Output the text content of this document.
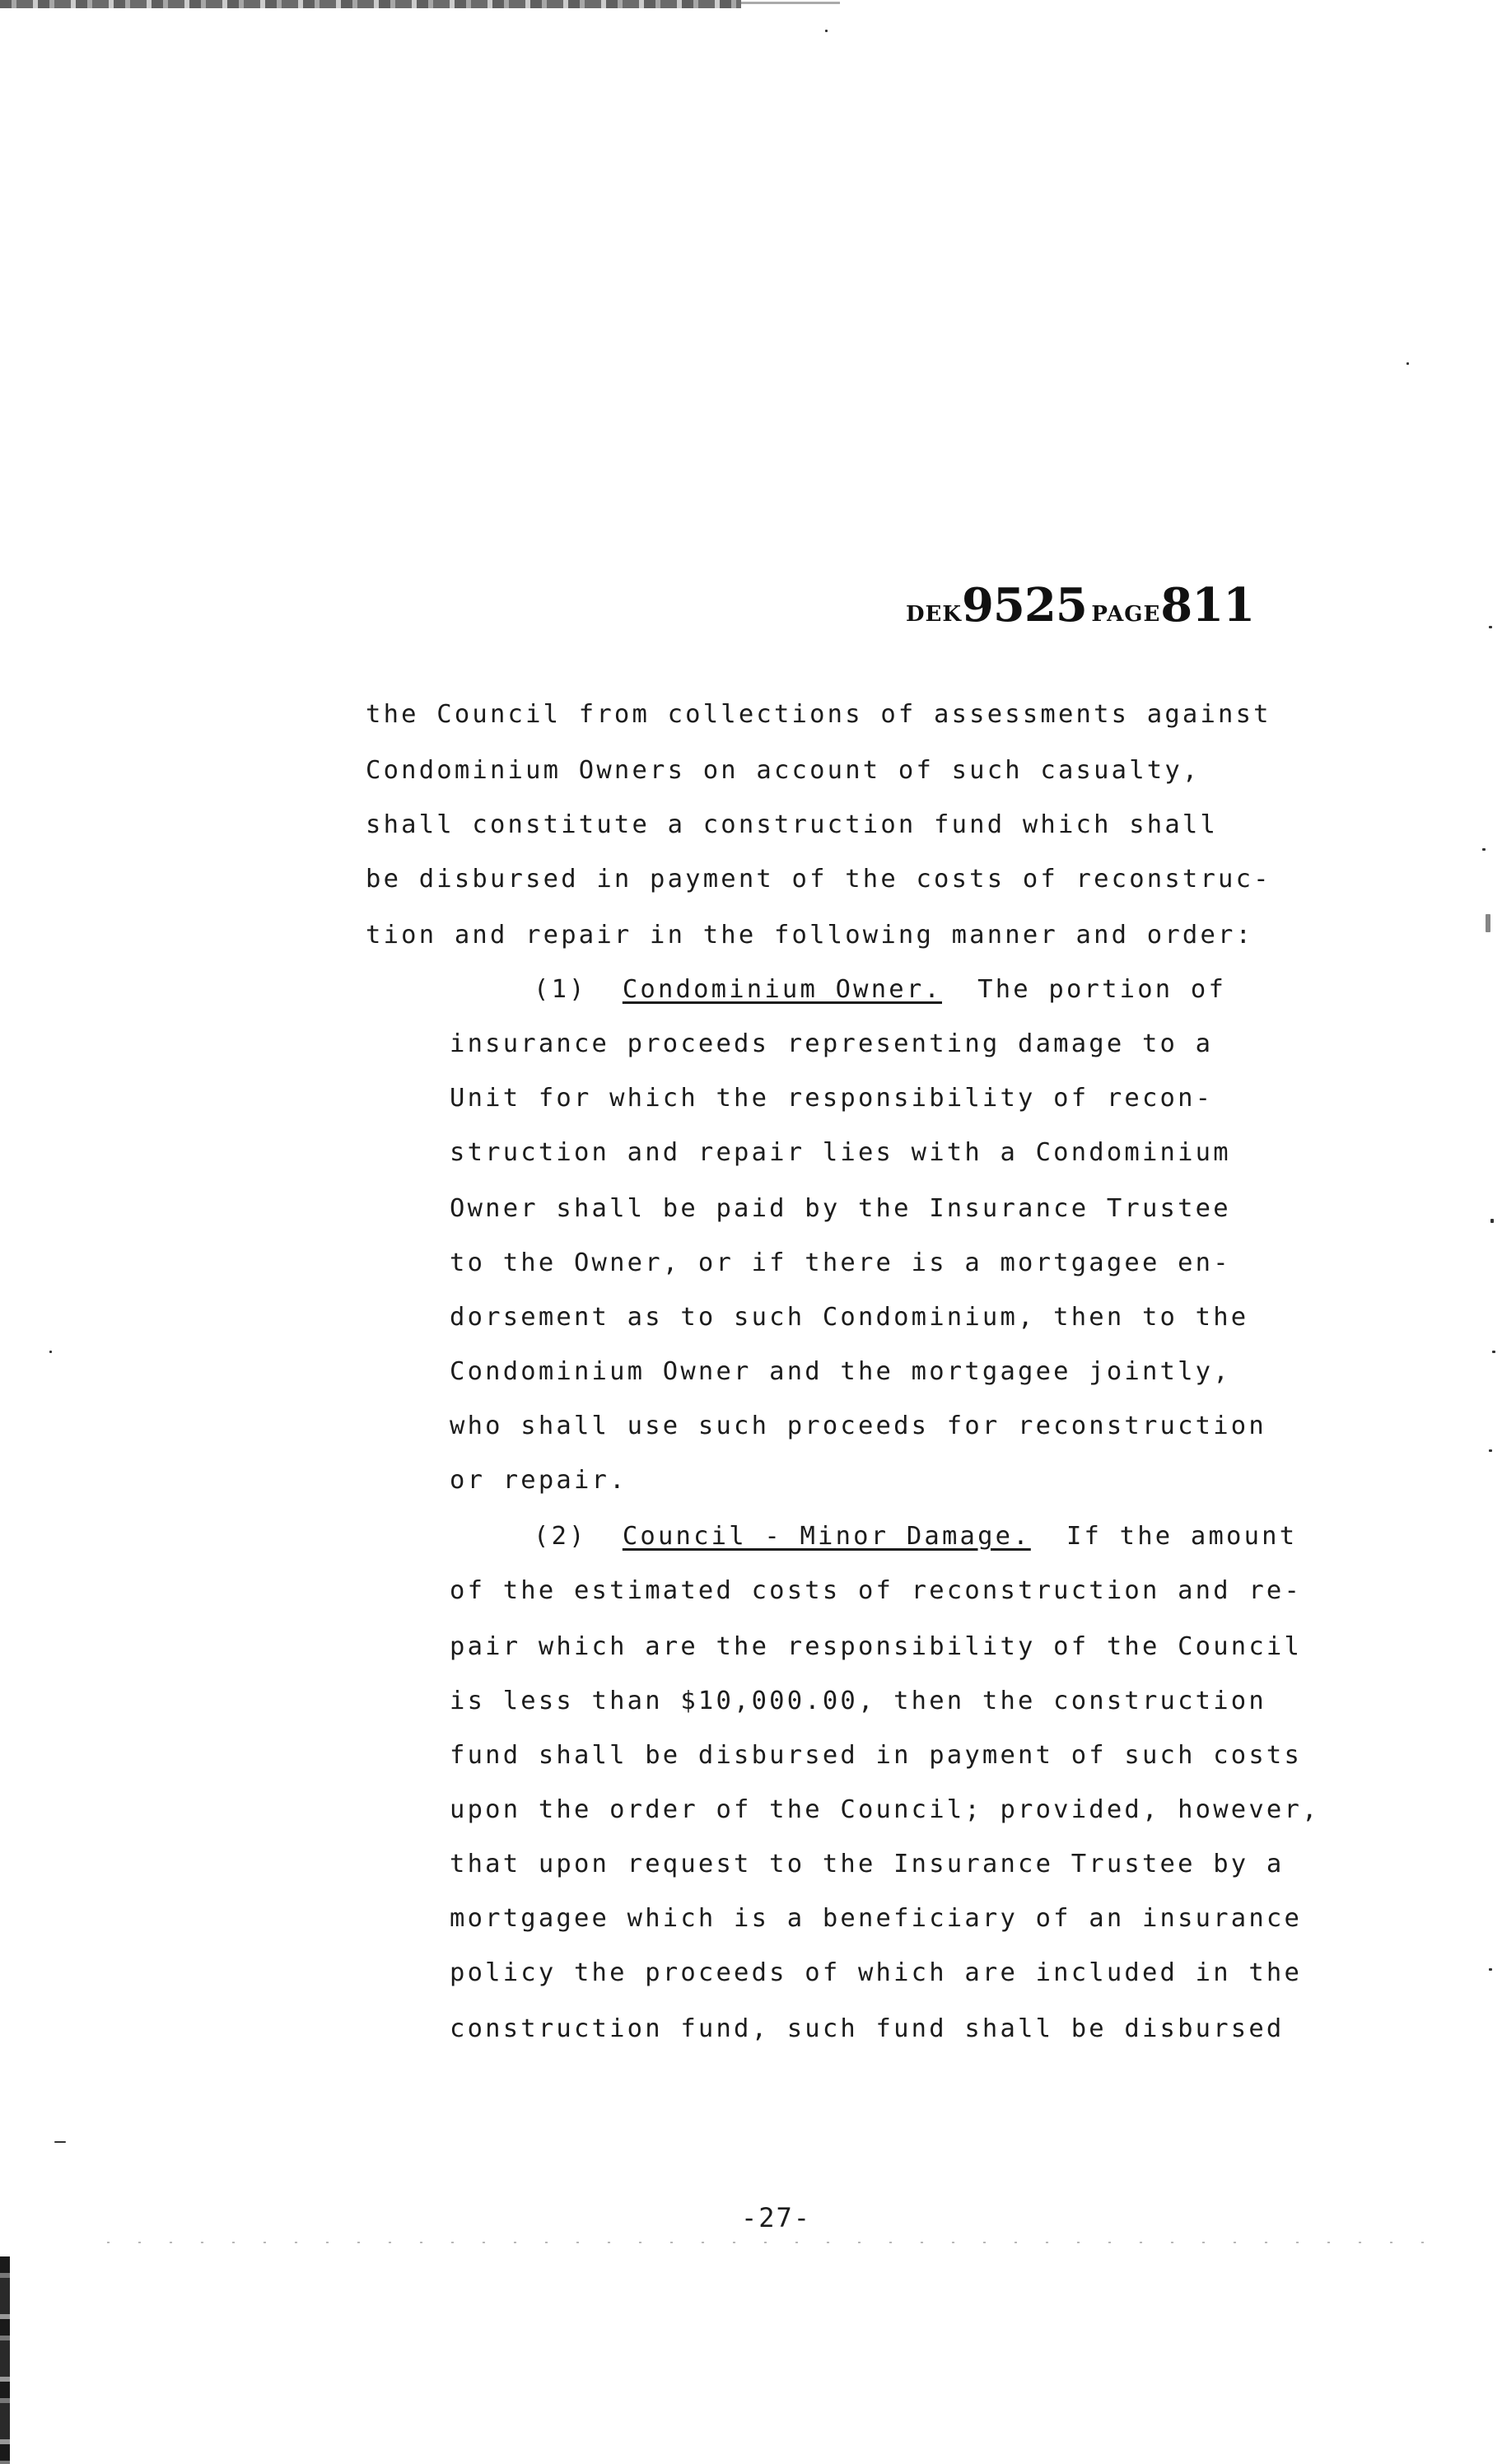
DEK9525 PAGE811
the Council from collections of assessments against
Condominium Owners on account of such casualty,
shall constitute a construction fund which shall
be disbursed in payment of the costs of reconstruc-
tion and repair in the following manner and order:
(1) Condominium Owner. The portion of
insurance proceeds representing damage to a
Unit for which the responsibility of recon-
struction and repair lies with a Condominium
Owner shall be paid by the Insurance Trustee
to the Owner, or if there is a mortgagee en-
dorsement as to such Condominium, then to the
Condominium Owner and the mortgagee jointly,
who shall use such proceeds for reconstruction
or repair.
(2) Council - Minor Damage. If the amount
of the estimated costs of reconstruction and re-
pair which are the responsibility of the Council
is less than $10,000.00, then the construction
fund shall be disbursed in payment of such costs
upon the order of the Council; provided, however,
that upon request to the Insurance Trustee by a
mortgagee which is a beneficiary of an insurance
policy the proceeds of which are included in the
construction fund, such fund shall be disbursed
-27-
